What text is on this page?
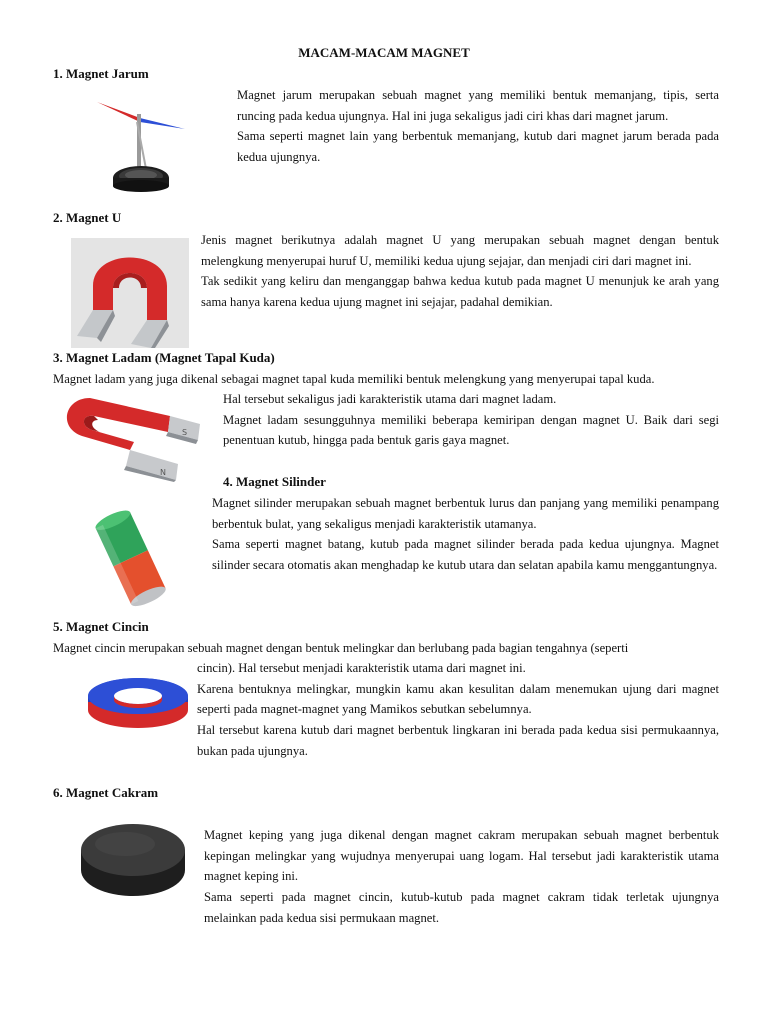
MACAM-MACAM MAGNET
1. Magnet Jarum

Magnet jarum merupakan sebuah magnet yang memiliki bentuk memanjang, tipis, serta runcing pada kedua ujungnya. Hal ini juga sekaligus jadi ciri khas dari magnet jarum.

Sama seperti magnet lain yang berbentuk memanjang, kutub dari magnet jarum berada pada kedua ujungnya.

2. Magnet U

Jenis magnet berikutnya adalah magnet U yang merupakan sebuah magnet dengan bentuk melengkung menyerupai huruf U, memiliki kedua ujung sejajar, dan menjadi ciri dari magnet ini.

Tak sedikit yang keliru dan menganggap bahwa kedua kutub pada magnet U menunjuk ke arah yang sama hanya karena kedua ujung magnet ini sejajar, padahal demikian.

3. Magnet Ladam (Magnet Tapal Kuda)

Magnet ladam yang juga dikenal sebagai magnet tapal kuda memiliki bentuk melengkung yang menyerupai tapal kuda.

S
N

Hal tersebut sekaligus jadi karakteristik utama dari magnet ladam.

Magnet ladam sesungguhnya memiliki beberapa kemiripan dengan magnet U. Baik dari segi penentuan kutub, hingga pada bentuk garis gaya magnet.

4. Magnet Silinder

Magnet silinder merupakan sebuah magnet berbentuk lurus dan panjang yang memiliki penampang berbentuk bulat, yang sekaligus menjadi karakteristik utamanya.

Sama seperti magnet batang, kutub pada magnet silinder berada pada kedua ujungnya. Magnet silinder secara otomatis akan menghadap ke kutub utara dan selatan apabila kamu menggantungnya.

5. Magnet Cincin

Magnet cincin merupakan sebuah magnet dengan bentuk melingkar dan berlubang pada bagian tengahnya (seperti

cincin). Hal tersebut menjadi karakteristik utama dari magnet ini.

Karena bentuknya melingkar, mungkin kamu akan kesulitan dalam menemukan ujung dari magnet seperti pada magnet-magnet yang Mamikos sebutkan sebelumnya.

Hal tersebut karena kutub dari magnet berbentuk lingkaran ini berada pada kedua sisi permukaannya, bukan pada ujungnya.

6. Magnet Cakram

Magnet keping yang juga dikenal dengan magnet cakram merupakan sebuah magnet berbentuk kepingan melingkar yang wujudnya menyerupai uang logam. Hal tersebut jadi karakteristik utama magnet keping ini.

Sama seperti pada magnet cincin, kutub-kutub pada magnet cakram tidak terletak ujungnya melainkan pada kedua sisi permukaan magnet.
